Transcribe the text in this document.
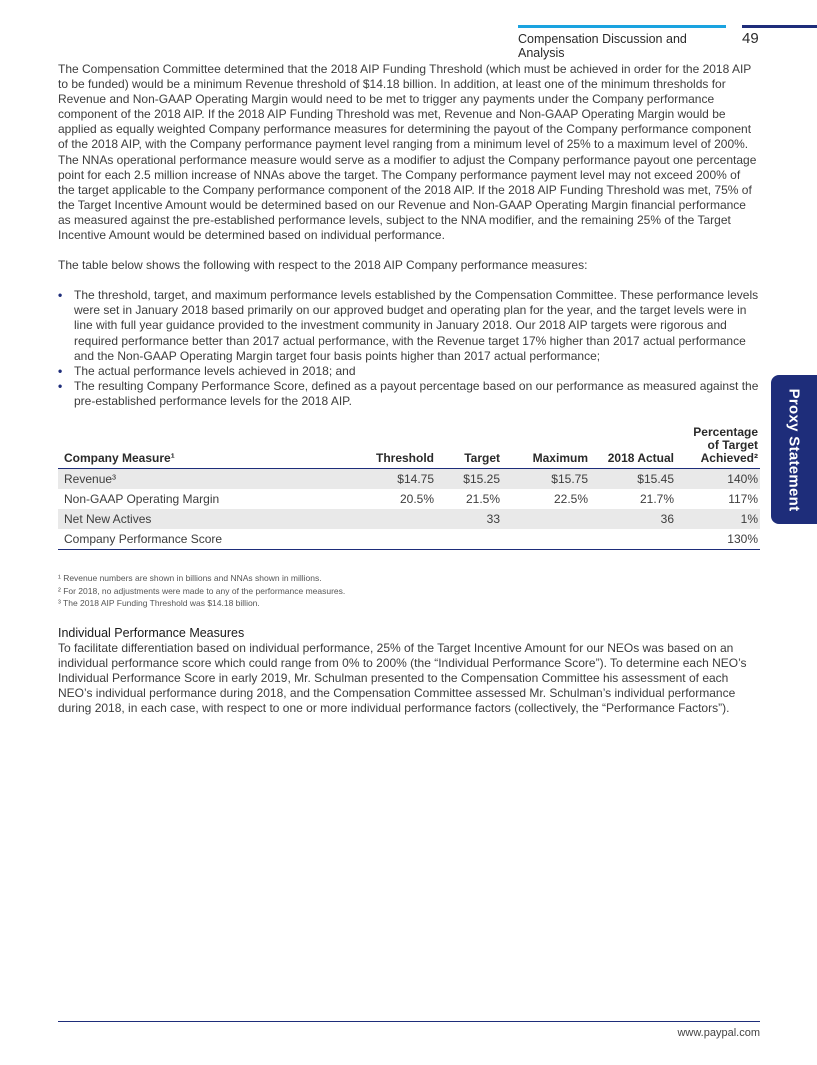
Compensation Discussion and Analysis
49
Proxy Statement

The Compensation Committee determined that the 2018 AIP Funding Threshold (which must be achieved in order for the 2018 AIP to be funded) would be a minimum Revenue threshold of $14.18 billion. In addition, at least one of the minimum thresholds for Revenue and Non-GAAP Operating Margin would need to be met to trigger any payments under the Company performance component of the 2018 AIP. If the 2018 AIP Funding Threshold was met, Revenue and Non-GAAP Operating Margin would be applied as equally weighted Company performance measures for determining the payout of the Company performance component of the 2018 AIP, with the Company performance payment level ranging from a minimum level of 25% to a maximum level of 200%. The NNAs operational performance measure would serve as a modifier to adjust the Company performance payout one percentage point for each 2.5 million increase of NNAs above the target. The Company performance payment level may not exceed 200% of the target applicable to the Company performance component of the 2018 AIP. If the 2018 AIP Funding Threshold was met, 75% of the Target Incentive Amount would be determined based on our Revenue and Non-GAAP Operating Margin financial performance as measured against the pre-established performance levels, subject to the NNA modifier, and the remaining 25% of the Target Incentive Amount would be determined based on individual performance.

The table below shows the following with respect to the 2018 AIP Company performance measures:

• The threshold, target, and maximum performance levels established by the Compensation Committee. These performance levels were set in January 2018 based primarily on our approved budget and operating plan for the year, and the target levels were in line with full year guidance provided to the investment community in January 2018. Our 2018 AIP targets were rigorous and required performance better than 2017 actual performance, with the Revenue target 17% higher than 2017 actual performance and the Non-GAAP Operating Margin target four basis points higher than 2017 actual performance;
• The actual performance levels achieved in 2018; and
• The resulting Company Performance Score, defined as a payout percentage based on our performance as measured against the pre-established performance levels for the 2018 AIP.
Company Measure¹	Threshold	Target	Maximum	2018 Actual	Percentage
of Target
Achieved²

Revenue³	$14.75	$15.25	$15.75	$15.45	140%
Non-GAAP Operating Margin	20.5%	21.5%	22.5%	21.7%	117%
Net New Actives		33		36	1%
Company Performance Score					130%
¹ Revenue numbers are shown in billions and NNAs shown in millions.
² For 2018, no adjustments were made to any of the performance measures.
³ The 2018 AIP Funding Threshold was $14.18 billion.
Individual Performance Measures

To facilitate differentiation based on individual performance, 25% of the Target Incentive Amount for our NEOs was based on an individual performance score which could range from 0% to 200% (the “Individual Performance Score”). To determine each NEO’s Individual Performance Score in early 2019, Mr. Schulman presented to the Compensation Committee his assessment of each NEO’s individual performance during 2018, and the Compensation Committee assessed Mr. Schulman’s individual performance during 2018, in each case, with respect to one or more individual performance factors (collectively, the “Performance Factors”).

www.paypal.com
